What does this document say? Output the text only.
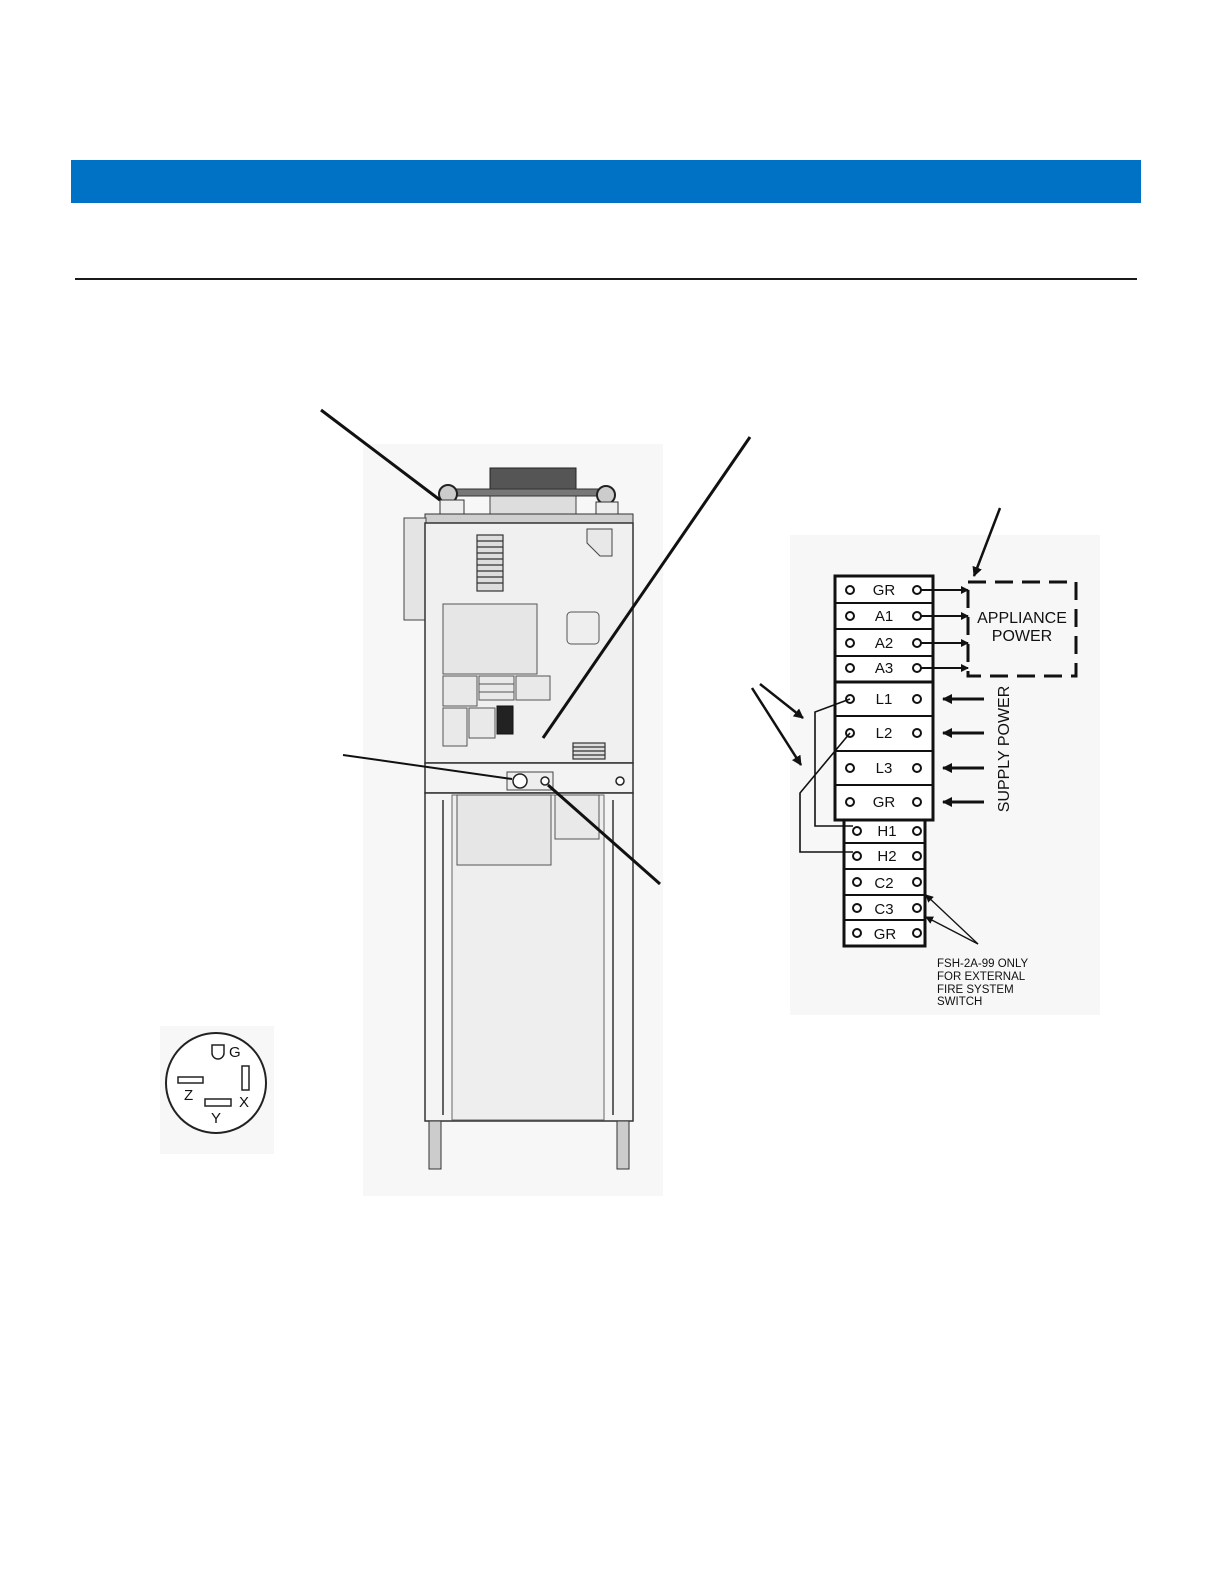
G
X
Y
Z
GR
A1
A2
A3
L1
L2
L3
GR
H1
H2
C2
C3
GR
APPLIANCE
POWER
SUPPLY POWER
FSH-2A-99 ONLY
FOR EXTERNAL
FIRE SYSTEM
SWITCH
